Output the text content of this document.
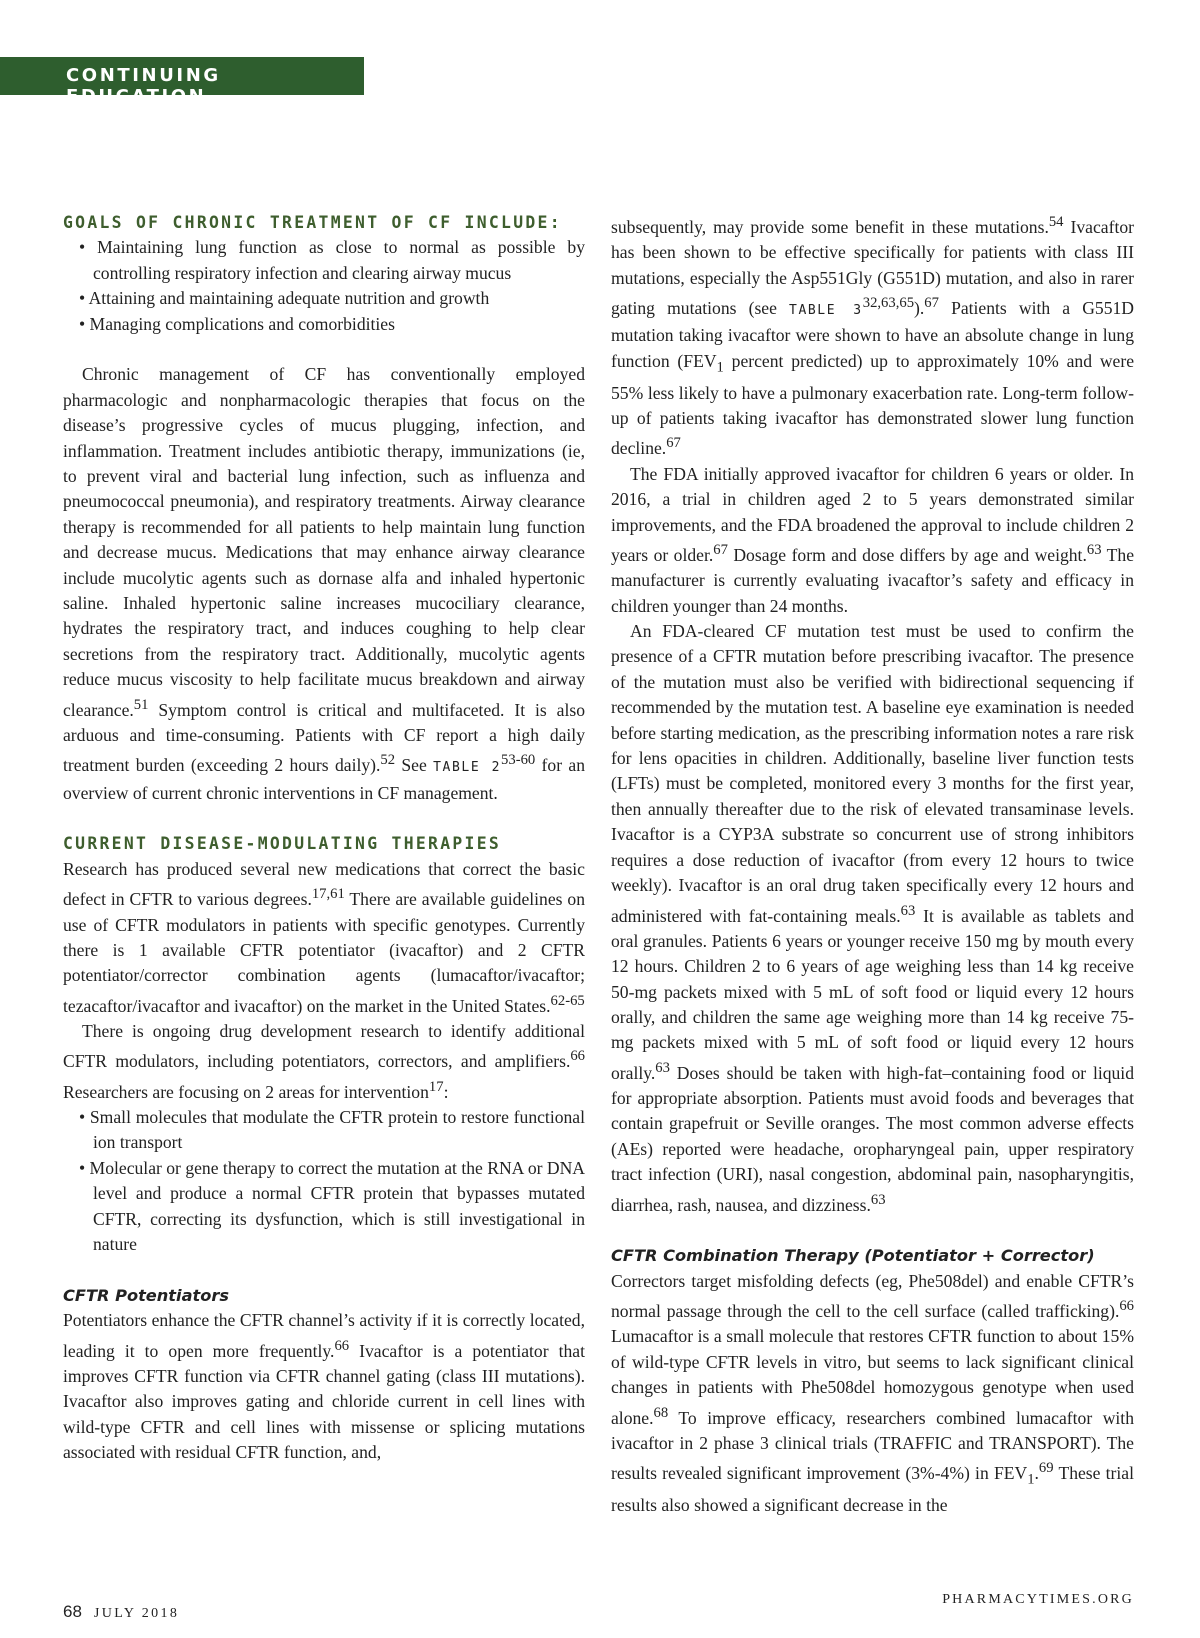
CONTINUING EDUCATION
GOALS OF CHRONIC TREATMENT OF CF INCLUDE:
• Maintaining lung function as close to normal as possible by controlling respiratory infection and clearing airway mucus
• Attaining and maintaining adequate nutrition and growth
• Managing complications and comorbidities

Chronic management of CF has conventionally employed pharmacologic and nonpharmacologic therapies that focus on the disease’s progressive cycles of mucus plugging, infection, and inflammation. Treatment includes antibiotic therapy, immunizations (ie, to prevent viral and bacterial lung infection, such as influenza and pneumococcal pneumonia), and respiratory treatments. Airway clearance therapy is recommended for all patients to help maintain lung function and decrease mucus. Medications that may enhance airway clearance include mucolytic agents such as dornase alfa and inhaled hypertonic saline. Inhaled hypertonic saline increases mucociliary clearance, hydrates the respiratory tract, and induces coughing to help clear secretions from the respiratory tract. Additionally, mucolytic agents reduce mucus viscosity to help facilitate mucus breakdown and airway clearance.$^{51}$ Symptom control is critical and multifaceted. It is also arduous and time-consuming. Patients with CF report a high daily treatment burden (exceeding 2 hours daily).$^{52}$ See TABLE 2$^{53-60}$ for an overview of current chronic interventions in CF management.

CURRENT DISEASE-MODULATING THERAPIES

Research has produced several new medications that correct the basic defect in CFTR to various degrees.$^{17,61}$ There are available guidelines on use of CFTR modulators in patients with specific genotypes. Currently there is 1 available CFTR potentiator (ivacaftor) and 2 CFTR potentiator/corrector combination agents (lumacaftor/ivacaftor; tezacaftor/ivacaftor and ivacaftor) on the market in the United States.$^{62-65}$

There is ongoing drug development research to identify additional CFTR modulators, including potentiators, correctors, and amplifiers.$^{66}$ Researchers are focusing on 2 areas for intervention$^{17}$:

• Small molecules that modulate the CFTR protein to restore functional ion transport
• Molecular or gene therapy to correct the mutation at the RNA or DNA level and produce a normal CFTR protein that bypasses mutated CFTR, correcting its dysfunction, which is still investigational in nature
CFTR Potentiators

Potentiators enhance the CFTR channel’s activity if it is correctly located, leading it to open more frequently.$^{66}$ Ivacaftor is a potentiator that improves CFTR function via CFTR channel gating (class III mutations). Ivacaftor also improves gating and chloride current in cell lines with wild-type CFTR and cell lines with missense or splicing mutations associated with residual CFTR function, and,

subsequently, may provide some benefit in these mutations.$^{54}$ Ivacaftor has been shown to be effective specifically for patients with class III mutations, especially the Asp551Gly (G551D) mutation, and also in rarer gating mutations (see TABLE 3$^{32,63,65}$).$^{67}$ Patients with a G551D mutation taking ivacaftor were shown to have an absolute change in lung function ($FEV_1$ percent predicted) up to approximately 10% and were 55% less likely to have a pulmonary exacerbation rate. Long-term follow-up of patients taking ivacaftor has demonstrated slower lung function decline.$^{67}$

The FDA initially approved ivacaftor for children 6 years or older. In 2016, a trial in children aged 2 to 5 years demonstrated similar improvements, and the FDA broadened the approval to include children 2 years or older.$^{67}$ Dosage form and dose differs by age and weight.$^{63}$ The manufacturer is currently evaluating ivacaftor’s safety and efficacy in children younger than 24 months.

An FDA-cleared CF mutation test must be used to confirm the presence of a CFTR mutation before prescribing ivacaftor. The presence of the mutation must also be verified with bidirectional sequencing if recommended by the mutation test. A baseline eye examination is needed before starting medication, as the prescribing information notes a rare risk for lens opacities in children. Additionally, baseline liver function tests (LFTs) must be completed, monitored every 3 months for the first year, then annually thereafter due to the risk of elevated transaminase levels. Ivacaftor is a CYP3A substrate so concurrent use of strong inhibitors requires a dose reduction of ivacaftor (from every 12 hours to twice weekly). Ivacaftor is an oral drug taken specifically every 12 hours and administered with fat-containing meals.$^{63}$ It is available as tablets and oral granules. Patients 6 years or younger receive 150 mg by mouth every 12 hours. Children 2 to 6 years of age weighing less than 14 kg receive 50-mg packets mixed with 5 mL of soft food or liquid every 12 hours orally, and children the same age weighing more than 14 kg receive 75-mg packets mixed with 5 mL of soft food or liquid every 12 hours orally.$^{63}$ Doses should be taken with high-fat–containing food or liquid for appropriate absorption. Patients must avoid foods and beverages that contain grapefruit or Seville oranges. The most common adverse effects (AEs) reported were headache, oropharyngeal pain, upper respiratory tract infection (URI), nasal congestion, abdominal pain, nasopharyngitis, diarrhea, rash, nausea, and dizziness.$^{63}$

CFTR Combination Therapy (Potentiator + Corrector)

Correctors target misfolding defects (eg, Phe508del) and enable CFTR’s normal passage through the cell to the cell surface (called trafficking).$^{66}$ Lumacaftor is a small molecule that restores CFTR function to about 15% of wild-type CFTR levels in vitro, but seems to lack significant clinical changes in patients with Phe508del homozygous genotype when used alone.$^{68}$ To improve efficacy, researchers combined lumacaftor with ivacaftor in 2 phase 3 clinical trials (TRAFFIC and TRANSPORT). The results revealed significant improvement (3%-4%) in $FEV_1.^{69}$ These trial results also showed a significant decrease in the

68 JULY 2018
PHARMACYTIMES.ORG
